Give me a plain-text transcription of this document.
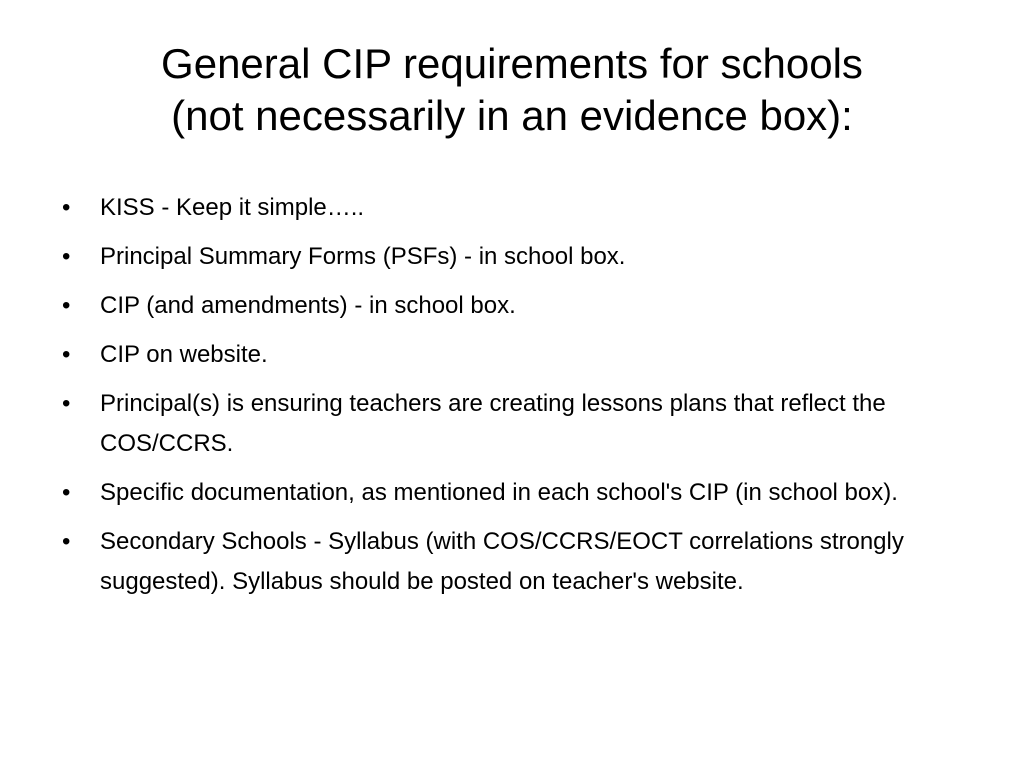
General CIP requirements for schools
(not necessarily in an evidence box):
•	KISS - Keep it simple…..
•	Principal Summary Forms (PSFs) - in school box.
•	CIP (and amendments) - in school box.
•	CIP on website.
•	Principal(s) is ensuring teachers are creating lessons plans that reflect the COS/CCRS.
•	Specific documentation, as mentioned in each school's CIP (in school box).
•	Secondary Schools - Syllabus (with COS/CCRS/EOCT correlations strongly suggested). Syllabus should be posted on teacher's website.
